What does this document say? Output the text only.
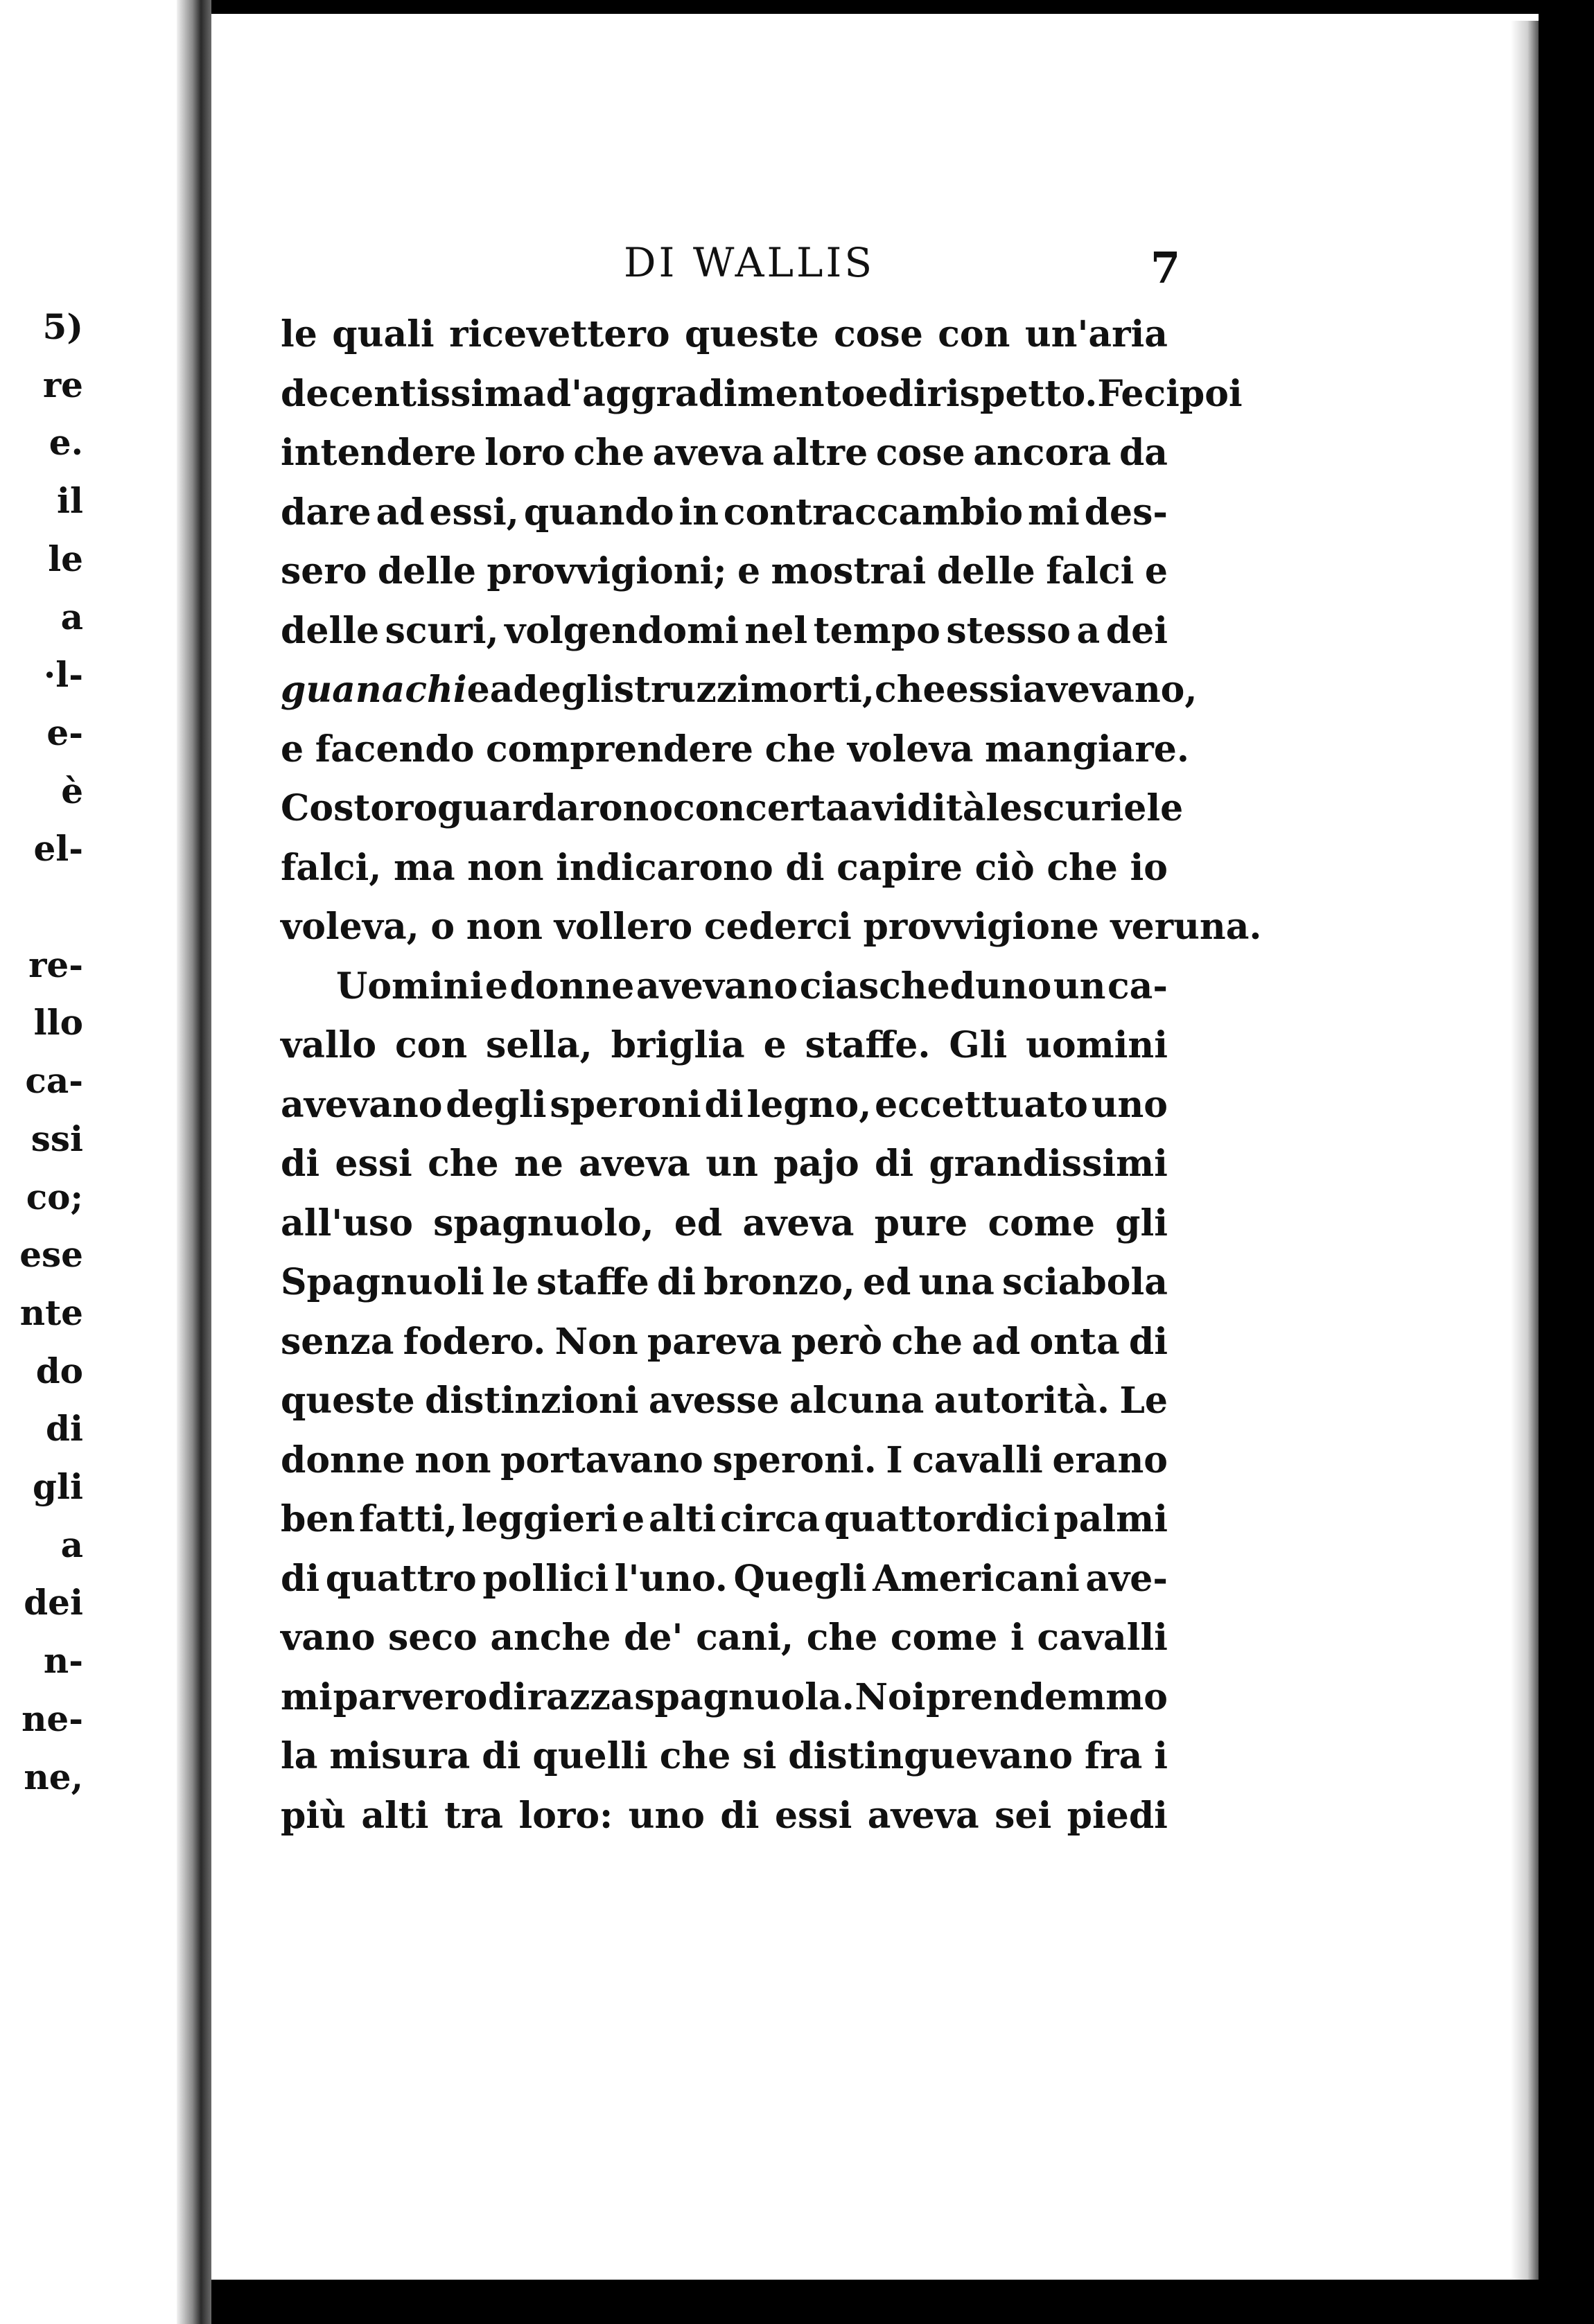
5)
re
e.
il
le
a
·l-
e-
è
el-

re-
llo
ca-
ssi
co;
ese
nte
do
di
gli
a
dei
n-
ne-
ne,
DI WALLIS	7
le quali ricevettero queste cose con un'aria
decentissima d'aggradimento e di rispetto. Feci poi
intendere loro che aveva altre cose ancora da
dare ad essi, quando in contraccambio mi des-
sero delle provvigioni; e mostrai delle falci e
delle scuri, volgendomi nel tempo stesso a dei
guanachi e a degli struzzi morti, che essi avevano,
e facendo comprendere che voleva mangiare.
Costoro guardarono con certa avidità le scuri e le
falci, ma non indicarono di capire ciò che io
voleva, o non vollero cederci provvigione veruna.
Uomini e donne avevano ciascheduno un ca-
vallo con sella, briglia e staffe. Gli uomini
avevano degli speroni di legno, eccettuato uno
di essi che ne aveva un pajo di grandissimi
all'uso spagnuolo, ed aveva pure come gli
Spagnuoli le staffe di bronzo, ed una sciabola
senza fodero. Non pareva però che ad onta di
queste distinzioni avesse alcuna autorità. Le
donne non portavano speroni. I cavalli erano
ben fatti, leggieri e alti circa quattordici palmi
di quattro pollici l'uno. Quegli Americani ave-
vano seco anche de' cani, che come i cavalli
mi parvero di razza spagnuola. Noi prendemmo
la misura di quelli che si distinguevano fra i
più alti tra loro: uno di essi aveva sei piedi
